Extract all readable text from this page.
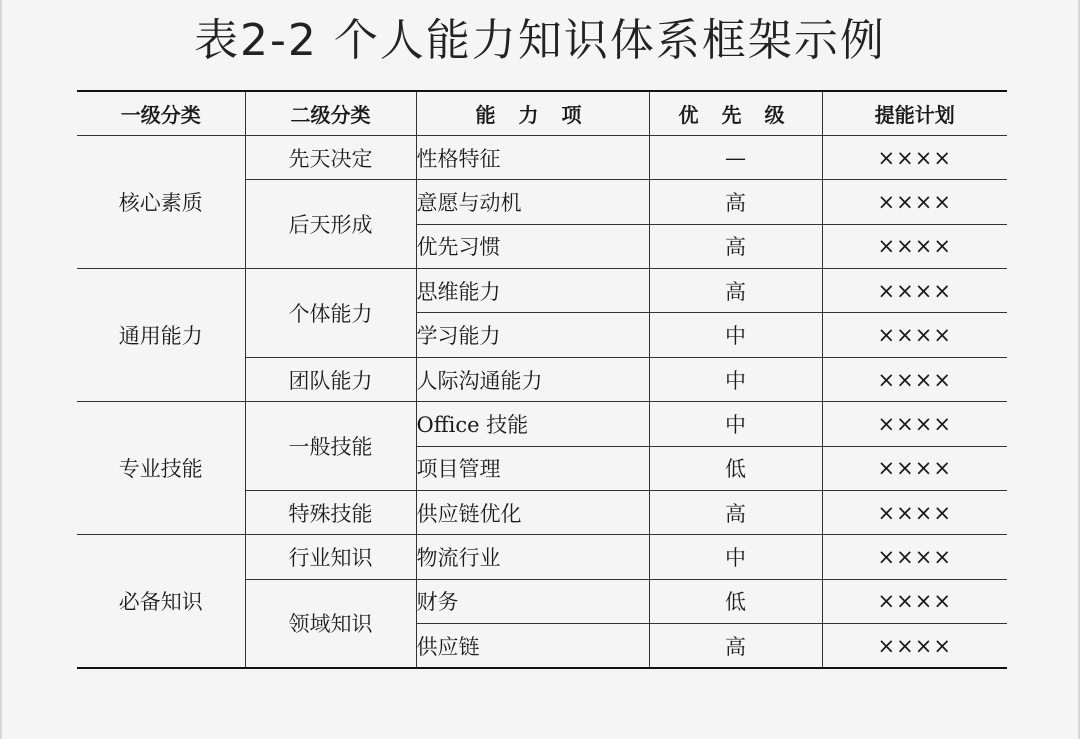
表2-2 个人能力知识体系框架示例
一级分类	二级分类	能 力 项	优 先 级	提能计划
核心素质	先天决定	性格特征	—	××××
	后天形成	意愿与动机	高	××××
		优先习惯	高	××××
通用能力	个体能力	思维能力	高	××××
		学习能力	中	××××
	团队能力	人际沟通能力	中	××××
专业技能	一般技能	Office 技能	中	××××
		项目管理	低	××××
	特殊技能	供应链优化	高	××××
必备知识	行业知识	物流行业	中	××××
	领域知识	财务	低	××××
		供应链	高	××××
